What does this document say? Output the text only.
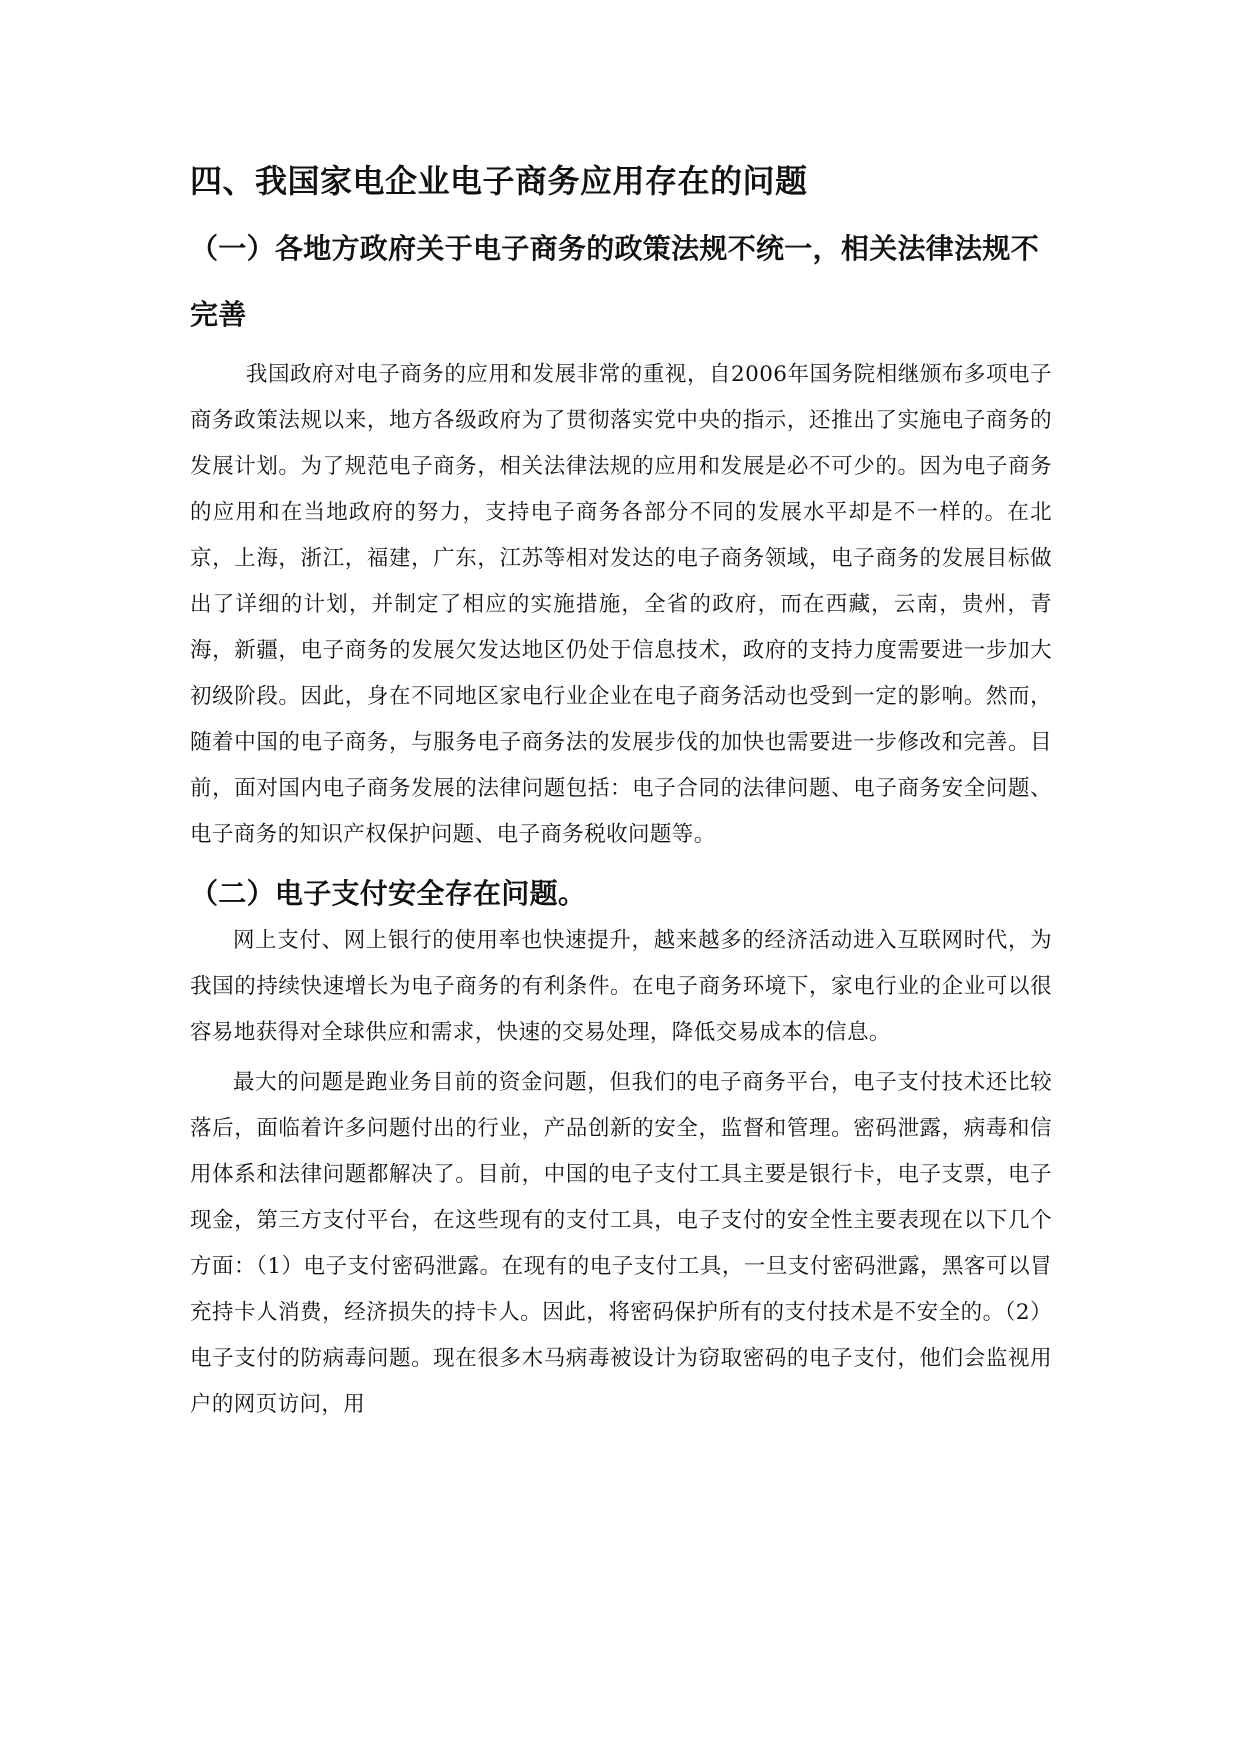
四、我国家电企业电子商务应用存在的问题
（一）各地方政府关于电子商务的政策法规不统一，相关法律法规不完善

我国政府对电子商务的应用和发展非常的重视，自2006年国务院相继颁布多项电子商务政策法规以来，地方各级政府为了贯彻落实党中央的指示，还推出了实施电子商务的发展计划。为了规范电子商务，相关法律法规的应用和发展是必不可少的。因为电子商务的应用和在当地政府的努力，支持电子商务各部分不同的发展水平却是不一样的。在北京，上海，浙江，福建，广东，江苏等相对发达的电子商务领域，电子商务的发展目标做出了详细的计划，并制定了相应的实施措施，全省的政府，而在西藏，云南，贵州，青海，新疆，电子商务的发展欠发达地区仍处于信息技术，政府的支持力度需要进一步加大初级阶段。因此，身在不同地区家电行业企业在电子商务活动也受到一定的影响。然而，随着中国的电子商务，与服务电子商务法的发展步伐的加快也需要进一步修改和完善。目前，面对国内电子商务发展的法律问题包括：电子合同的法律问题、电子商务安全问题、电子商务的知识产权保护问题、电子商务税收问题等。

（二）电子支付安全存在问题。

网上支付、网上银行的使用率也快速提升，越来越多的经济活动进入互联网时代，为我国的持续快速增长为电子商务的有利条件。在电子商务环境下，家电行业的企业可以很容易地获得对全球供应和需求，快速的交易处理，降低交易成本的信息。

最大的问题是跑业务目前的资金问题，但我们的电子商务平台，电子支付技术还比较落后，面临着许多问题付出的行业，产品创新的安全，监督和管理。密码泄露，病毒和信用体系和法律问题都解决了。目前，中国的电子支付工具主要是银行卡，电子支票，电子现金，第三方支付平台，在这些现有的支付工具，电子支付的安全性主要表现在以下几个方面：（1）电子支付密码泄露。在现有的电子支付工具，一旦支付密码泄露，黑客可以冒充持卡人消费，经济损失的持卡人。因此，将密码保护所有的支付技术是不安全的。（2）电子支付的防病毒问题。现在很多木马病毒被设计为窃取密码的电子支付，他们会监视用户的网页访问，用
